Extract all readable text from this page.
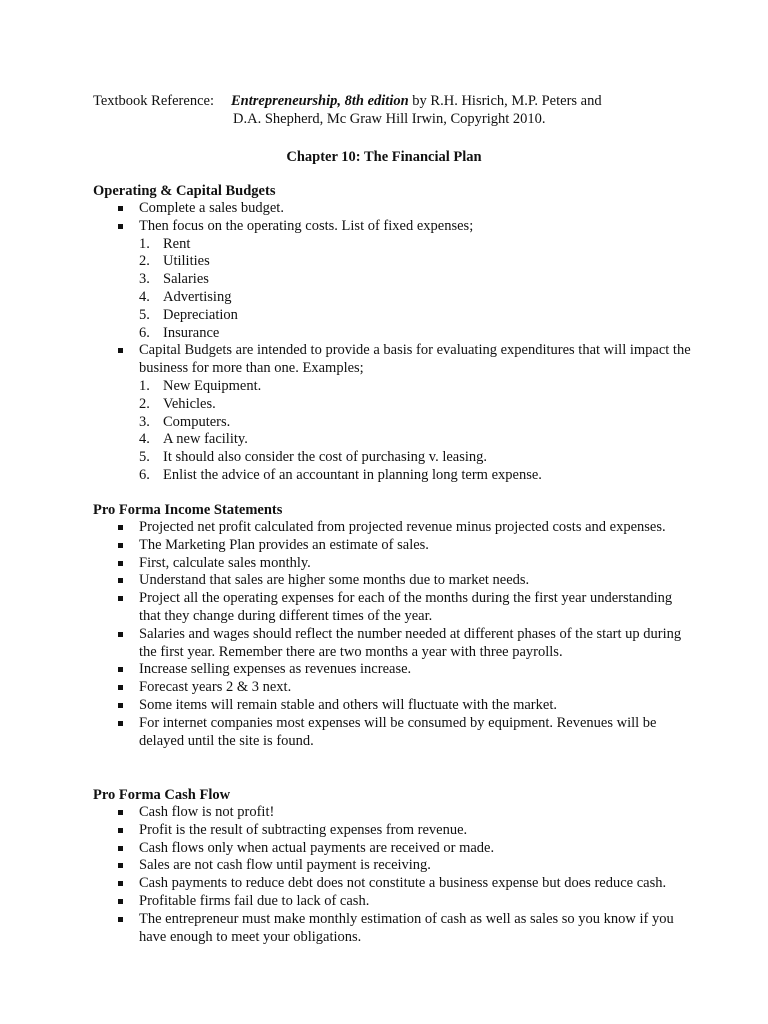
Textbook Reference: Entrepreneurship, 8th edition by R.H. Hisrich, M.P. Peters and
D.A. Shepherd, Mc Graw Hill Irwin, Copyright 2010.
Chapter 10: The Financial Plan
Operating & Capital Budgets
Complete a sales budget.
Then focus on the operating costs. List of fixed expenses;
1. Rent
2. Utilities
3. Salaries
4. Advertising
5. Depreciation
6. Insurance
Capital Budgets are intended to provide a basis for evaluating expenditures that will impact the business for more than one. Examples;
1. New Equipment.
2. Vehicles.
3. Computers.
4. A new facility.
5. It should also consider the cost of purchasing v. leasing.
6. Enlist the advice of an accountant in planning long term expense.
Pro Forma Income Statements
Projected net profit calculated from projected revenue minus projected costs and expenses.
The Marketing Plan provides an estimate of sales.
First, calculate sales monthly.
Understand that sales are higher some months due to market needs.
Project all the operating expenses for each of the months during the first year understanding that they change during different times of the year.
Salaries and wages should reflect the number needed at different phases of the start up during the first year. Remember there are two months a year with three payrolls.
Increase selling expenses as revenues increase.
Forecast years 2 & 3 next.
Some items will remain stable and others will fluctuate with the market.
For internet companies most expenses will be consumed by equipment. Revenues will be delayed until the site is found.
Pro Forma Cash Flow
Cash flow is not profit!
Profit is the result of subtracting expenses from revenue.
Cash flows only when actual payments are received or made.
Sales are not cash flow until payment is receiving.
Cash payments to reduce debt does not constitute a business expense but does reduce cash.
Profitable firms fail due to lack of cash.
The entrepreneur must make monthly estimation of cash as well as sales so you know if you have enough to meet your obligations.
